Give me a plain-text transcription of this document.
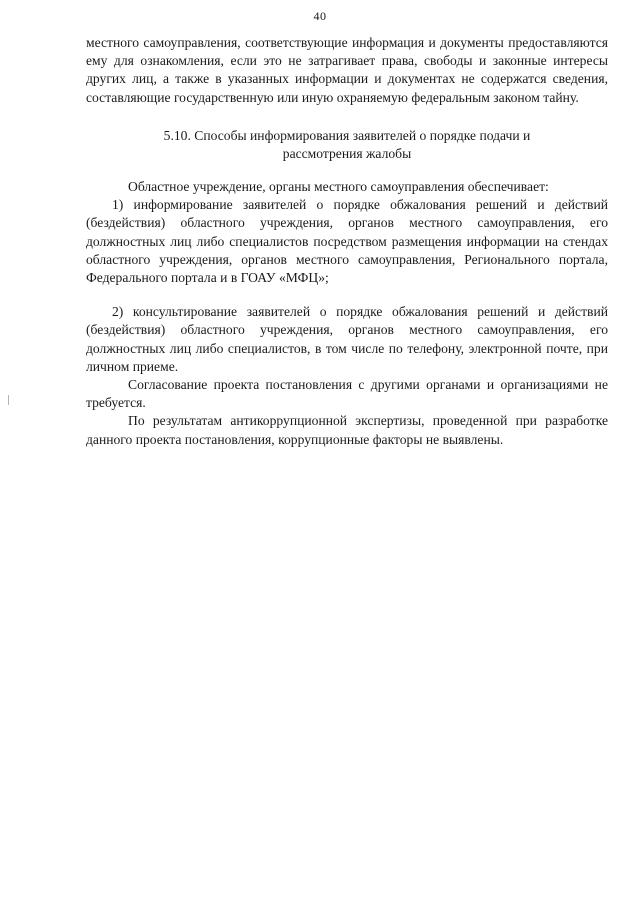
40

местного самоуправления, соответствующие информация и документы предоставляются ему для ознакомления, если это не затрагивает права, свободы и законные интересы других лиц, а также в указанных информации и документах не содержатся сведения, составляющие государственную или иную охраняемую федеральным законом тайну.

5.10. Способы информирования заявителей о порядке подачи и
рассмотрения жалобы

Областное учреждение, органы местного самоуправления обеспечивает:

1) информирование заявителей о порядке обжалования решений и действий (бездействия) областного учреждения, органов местного самоуправления, его должностных лиц либо специалистов посредством размещения информации на стендах областного учреждения, органов местного самоуправления, Регионального портала, Федерального портала и в ГОАУ «МФЦ»;

2) консультирование заявителей о порядке обжалования решений и действий (бездействия) областного учреждения, органов местного самоуправления, его должностных лиц либо специалистов, в том числе по телефону, электронной почте, при личном приеме.

Согласование проекта постановления с другими органами и организациями не требуется.

По результатам антикоррупционной экспертизы, проведенной при разработке данного проекта постановления, коррупционные факторы не выявлены.
